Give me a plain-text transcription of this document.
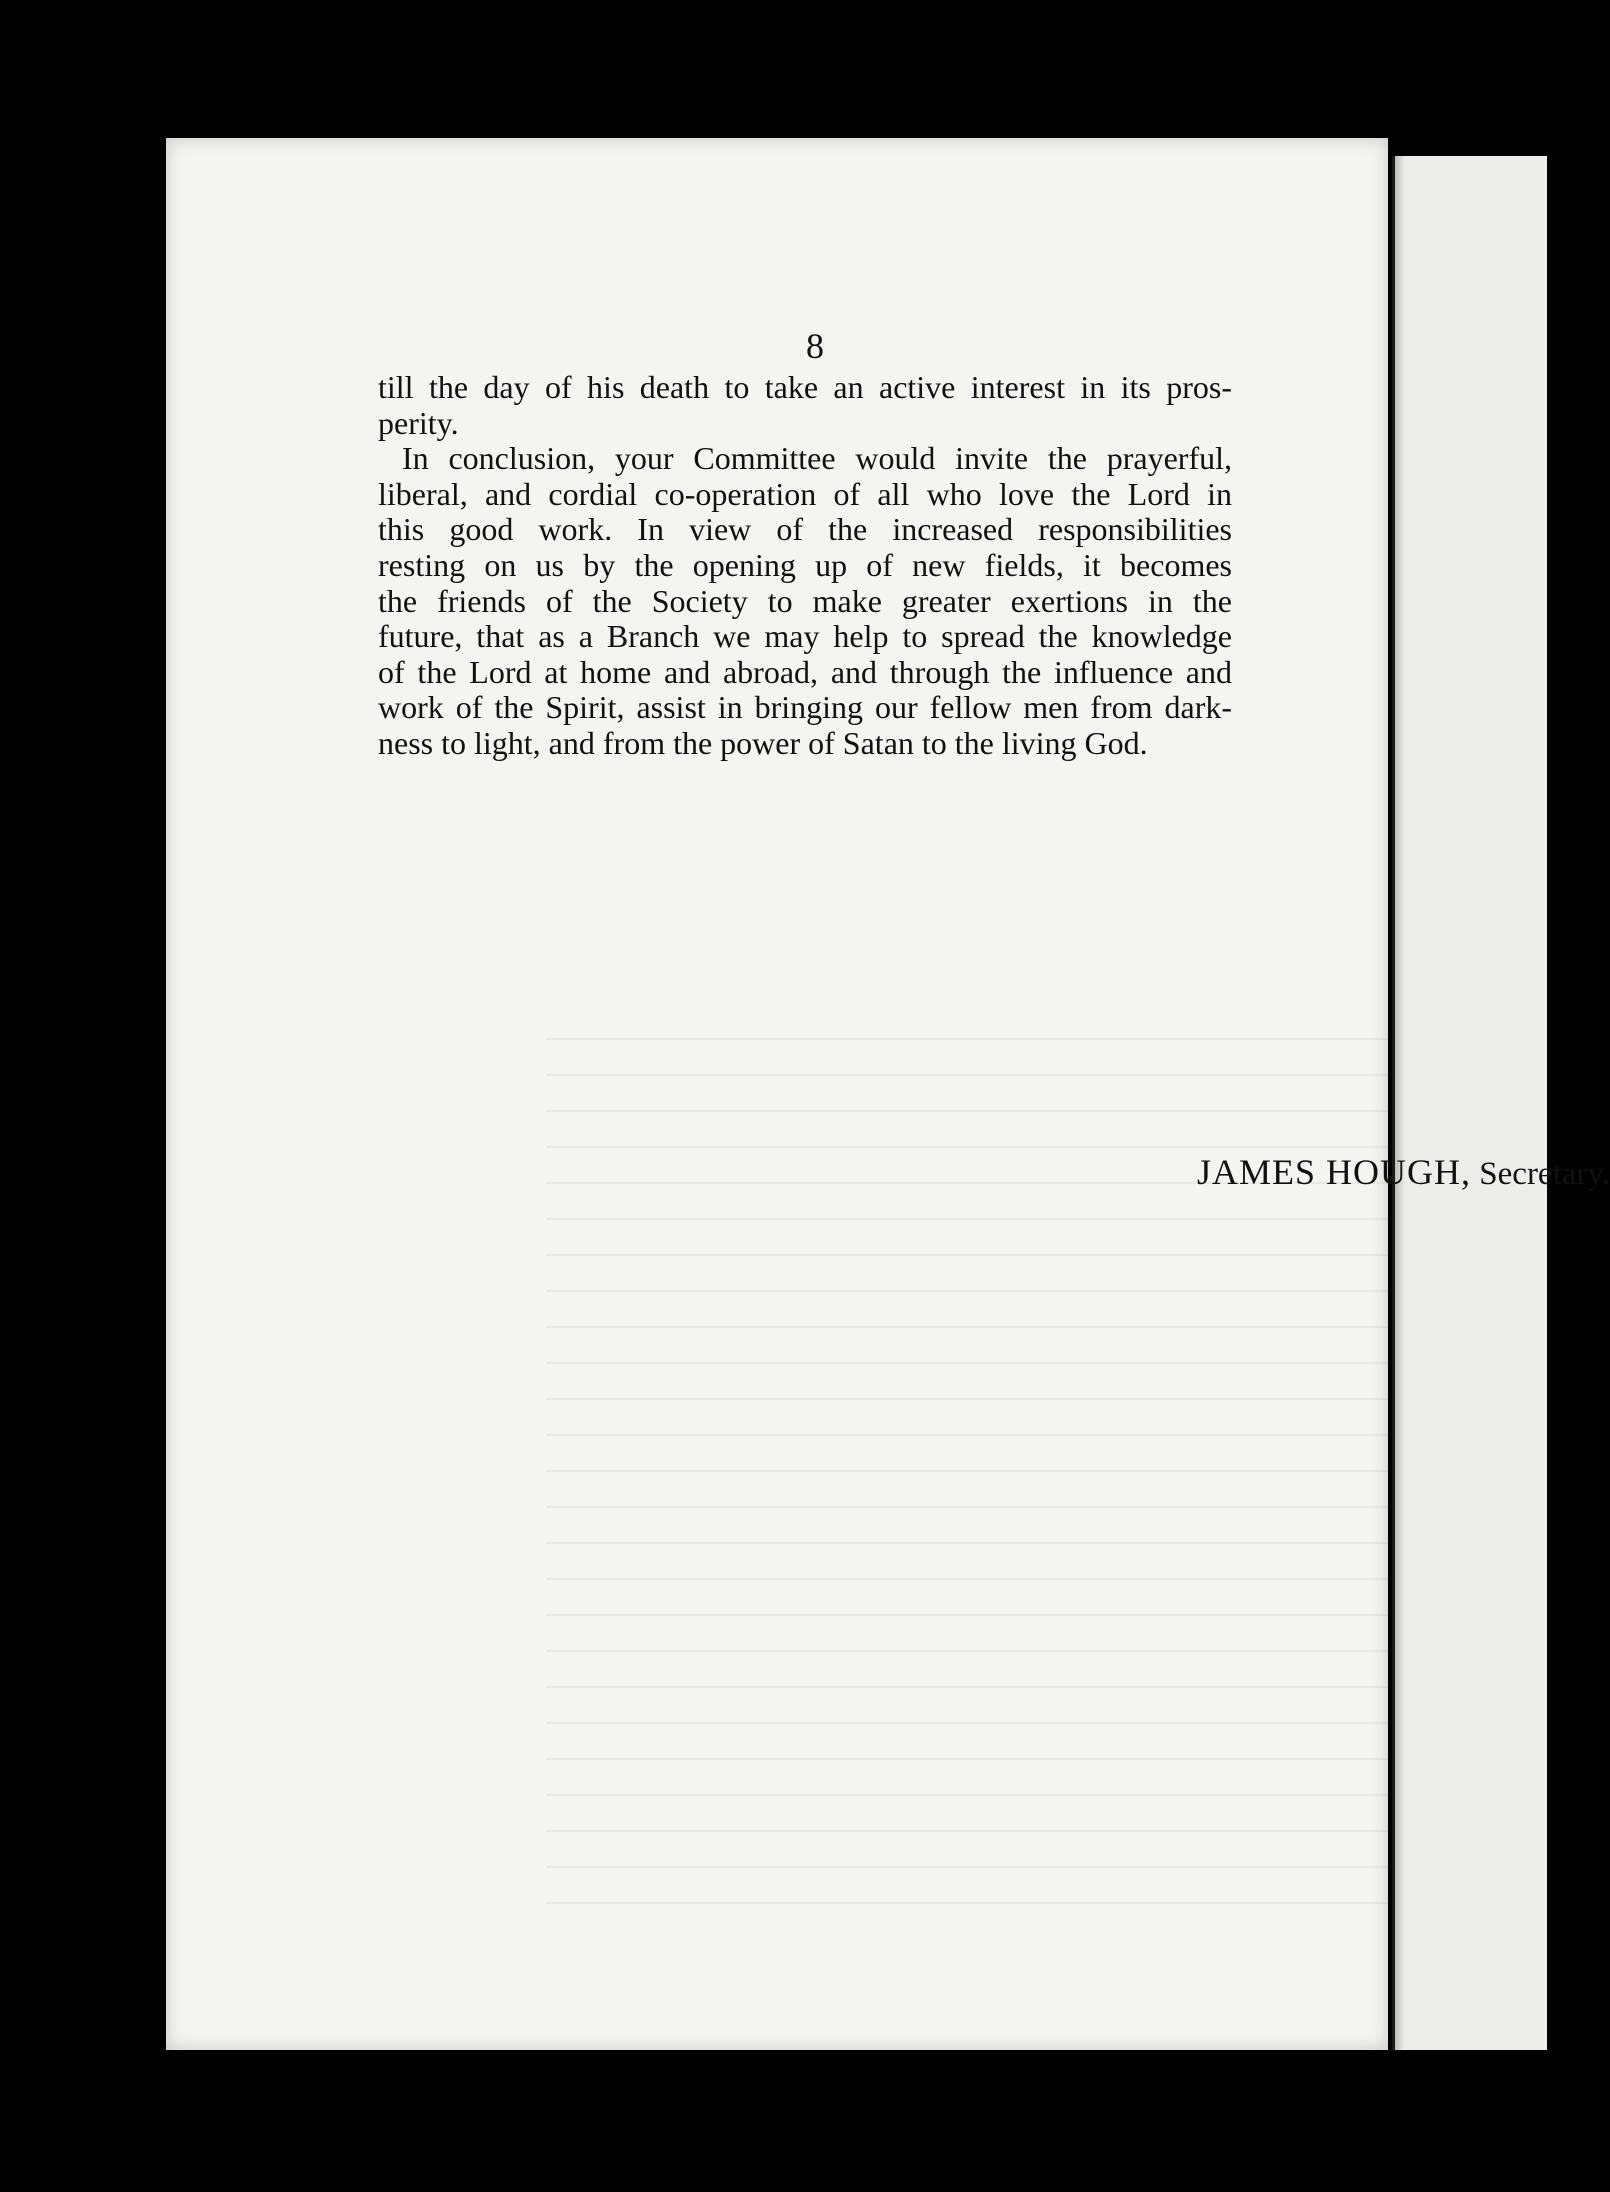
8
till the day of his death to take an active interest in its pros-
perity.
In conclusion, your Committee would invite the prayerful,
liberal, and cordial co-operation of all who love the Lord in
this good work. In view of the increased responsibilities
resting on us by the opening up of new fields, it becomes
the friends of the Society to make greater exertions in the
future, that as a Branch we may help to spread the knowledge
of the Lord at home and abroad, and through the influence and
work of the Spirit, assist in bringing our fellow men from dark-
ness to light, and from the power of Satan to the living God.
JAMES HOUGH, Secretary.
